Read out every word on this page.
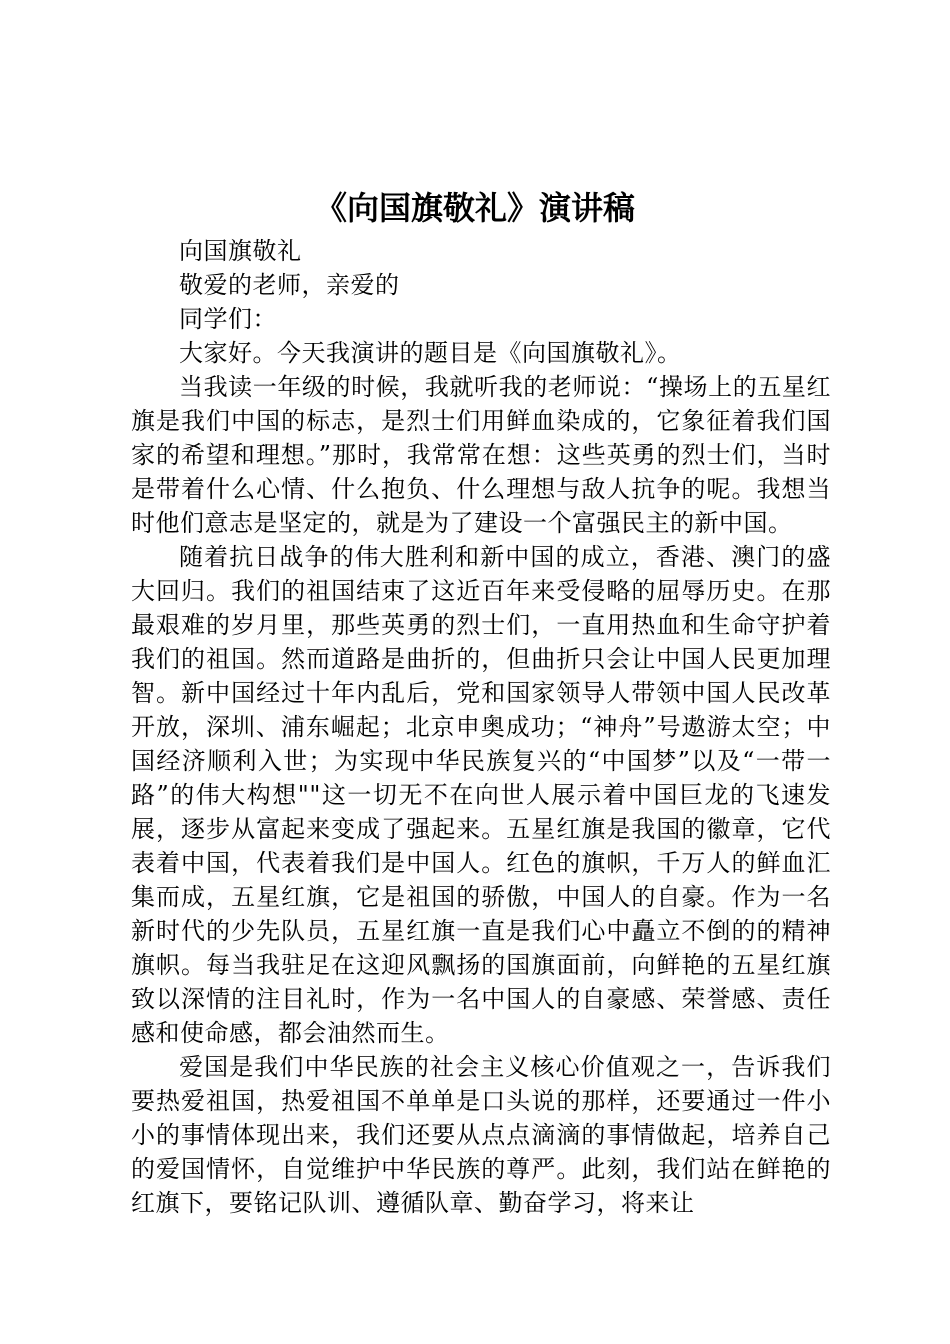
《向国旗敬礼》演讲稿

向国旗敬礼

敬爱的老师，亲爱的

同学们：

大家好。今天我演讲的题目是《向国旗敬礼》。

当我读一年级的时候，我就听我的老师说：“操场上的五星红旗是我们中国的标志，是烈士们用鲜血染成的，它象征着我们国家的希望和理想。”那时，我常常在想：这些英勇的烈士们，当时是带着什么心情、什么抱负、什么理想与敌人抗争的呢。我想当时他们意志是坚定的，就是为了建设一个富强民主的新中国。

随着抗日战争的伟大胜利和新中国的成立，香港、澳门的盛大回归。我们的祖国结束了这近百年来受侵略的屈辱历史。在那最艰难的岁月里，那些英勇的烈士们，一直用热血和生命守护着我们的祖国。然而道路是曲折的，但曲折只会让中国人民更加理智。新中国经过十年内乱后，党和国家领导人带领中国人民改革开放，深圳、浦东崛起；北京申奥成功；“神舟”号遨游太空；中国经济顺利入世；为实现中华民族复兴的“中国梦”以及“一带一路”的伟大构想""这一切无不在向世人展示着中国巨龙的飞速发展，逐步从富起来变成了强起来。五星红旗是我国的徽章，它代表着中国，代表着我们是中国人。红色的旗帜，千万人的鲜血汇集而成，五星红旗，它是祖国的骄傲，中国人的自豪。作为一名新时代的少先队员，五星红旗一直是我们心中矗立不倒的的精神旗帜。每当我驻足在这迎风飘扬的国旗面前，向鲜艳的五星红旗致以深情的注目礼时，作为一名中国人的自豪感、荣誉感、责任感和使命感，都会油然而生。

爱国是我们中华民族的社会主义核心价值观之一，告诉我们要热爱祖国，热爱祖国不单单是口头说的那样，还要通过一件小小的事情体现出来，我们还要从点点滴滴的事情做起，培养自己的爱国情怀，自觉维护中华民族的尊严。此刻，我们站在鲜艳的红旗下，要铭记队训、遵循队章、勤奋学习，将来让
